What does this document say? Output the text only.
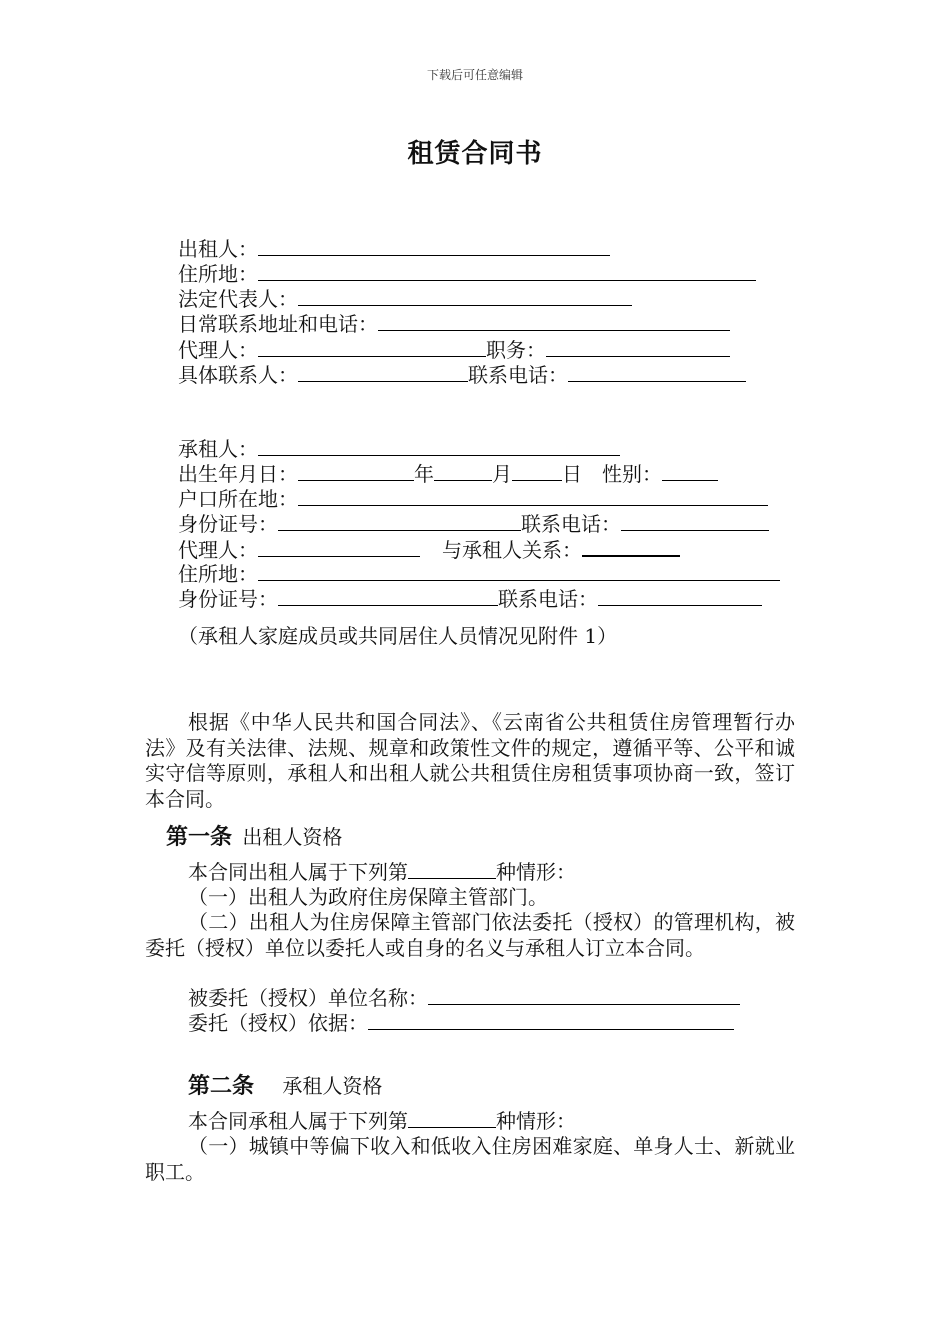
下载后可任意编辑
租赁合同书
出租人：
住所地：
法定代表人：
日常联系地址和电话：
代理人：	职务：
具体联系人：	联系电话：
承租人：
出生年月日：	年	月	日 性别：
户口所在地：
身份证号：	联系电话：
代理人：	与承租人关系：
住所地：
身份证号：	联系电话：
（承租人家庭成员或共同居住人员情况见附件 1）
根据《中华人民共和国合同法》、《云南省公共租赁住房管理暂行办法》及有关法律、法规、规章和政策性文件的规定，遵循平等、公平和诚实守信等原则，承租人和出租人就公共租赁住房租赁事项协商一致，签订本合同。
第一条 出租人资格
本合同出租人属于下列第	种情形：
（一）出租人为政府住房保障主管部门。
（二）出租人为住房保障主管部门依法委托（授权）的管理机构，被委托（授权）单位以委托人或自身的名义与承租人订立本合同。
被委托（授权）单位名称：
委托（授权）依据：
第二条 承租人资格
本合同承租人属于下列第	种情形：
（一）城镇中等偏下收入和低收入住房困难家庭、单身人士、新就业职工。
